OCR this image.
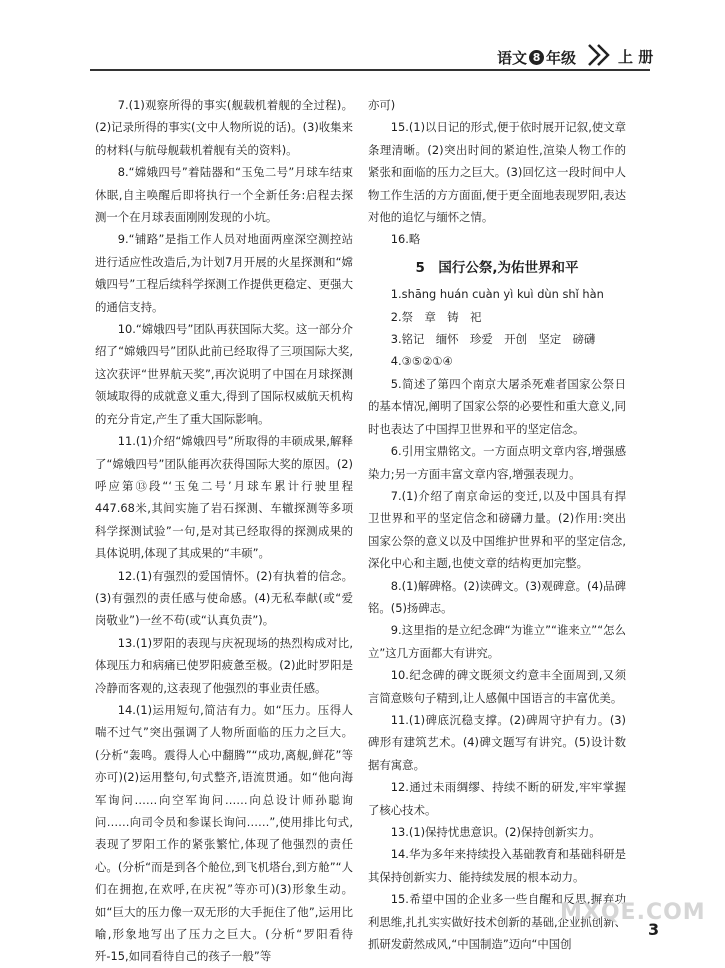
语文 8 年级	上 册

7.(1)观察所得的事实(舰载机着舰的全过程)。(2)记录所得的事实(文中人物所说的话)。(3)收集来的材料(与航母舰载机着舰有关的资料)。

8.“嫦娥四号”着陆器和“玉兔二号”月球车结束休眠,自主唤醒后即将执行一个全新任务:启程去探测一个在月球表面刚刚发现的小坑。

9.“铺路”是指工作人员对地面两座深空测控站进行适应性改造后,为计划7月开展的火星探测和“嫦娥四号”工程后续科学探测工作提供更稳定、更强大的通信支持。

10.“嫦娥四号”团队再获国际大奖。这一部分介绍了“嫦娥四号”团队此前已经取得了三项国际大奖,这次获评“世界航天奖”,再次说明了中国在月球探测领域取得的成就意义重大,得到了国际权威航天机构的充分肯定,产生了重大国际影响。

11.(1)介绍“嫦娥四号”所取得的丰硕成果,解释了“嫦娥四号”团队能再次获得国际大奖的原因。(2)呼应第⑬段“‘玉兔二号’月球车累计行驶里程447.68米,其间实施了岩石探测、车辙探测等多项科学探测试验”一句,是对其已经取得的探测成果的具体说明,体现了其成果的“丰硕”。

12.(1)有强烈的爱国情怀。(2)有执着的信念。(3)有强烈的责任感与使命感。(4)无私奉献(或“爱岗敬业”)一丝不苟(或“认真负责”)。

13.(1)罗阳的表现与庆祝现场的热烈构成对比,体现压力和病痛已使罗阳疲惫至极。(2)此时罗阳是冷静而客观的,这表现了他强烈的事业责任感。

14.(1)运用短句,简洁有力。如“压力。压得人喘不过气”突出强调了人物所面临的压力之巨大。(分析“轰鸣。震得人心中翻腾”“成功,离舰,鲜花”等亦可)(2)运用整句,句式整齐,语流贯通。如“他向海军询问……向空军询问……向总设计师孙聪询问……向司令员和参谋长询问……”,使用排比句式,表现了罗阳工作的紧张繁忙,体现了他强烈的责任心。(分析“而是到各个舱位,到飞机塔台,到方舱”“人们在拥抱,在欢呼,在庆祝”等亦可)(3)形象生动。如“巨大的压力像一双无形的大手扼住了他”,运用比喻,形象地写出了压力之巨大。(分析“罗阳看待歼-15,如同看待自己的孩子一般”等

亦可)

15.(1)以日记的形式,便于依时展开记叙,使文章条理清晰。(2)突出时间的紧迫性,渲染人物工作的紧张和面临的压力之巨大。(3)回忆这一段时间中人物工作生活的方方面面,便于更全面地表现罗阳,表达对他的追忆与缅怀之情。

16.略

5　国行公祭,为佑世界和平

1.shāng huán cuàn yì kuì dùn shǐ hàn

2.祭　章　铸　祀

3.铭记　缅怀　珍爱　开创　坚定　磅礴

4.③⑤②①④

5.简述了第四个南京大屠杀死难者国家公祭日的基本情况,阐明了国家公祭的必要性和重大意义,同时也表达了中国捍卫世界和平的坚定信念。

6.引用宝鼎铭文。一方面点明文章内容,增强感染力;另一方面丰富文章内容,增强表现力。

7.(1)介绍了南京命运的变迁,以及中国具有捍卫世界和平的坚定信念和磅礴力量。(2)作用:突出国家公祭的意义以及中国维护世界和平的坚定信念,深化中心和主题,也使文章的结构更加完整。

8.(1)解碑格。(2)读碑文。(3)观碑意。(4)品碑铭。(5)扬碑志。

9.这里指的是立纪念碑“为谁立”“谁来立”“怎么立”这几方面都大有讲究。

10.纪念碑的碑文既须文约意丰全面周到,又须言简意赅句子精到,让人感佩中国语言的丰富优美。

11.(1)碑底沉稳支撑。(2)碑周守护有力。(3)碑形有建筑艺术。(4)碑文题写有讲究。(5)设计数据有寓意。

12.通过未雨绸缪、持续不断的研发,牢牢掌握了核心技术。

13.(1)保持忧患意识。(2)保持创新实力。

14.华为多年来持续投入基础教育和基础科研是其保持创新实力、能持续发展的根本动力。

15.希望中国的企业多一些自醒和反思,摒弃功利思维,扎扎实实做好技术创新的基础,企业抓创新、抓研发蔚然成风,“中国制造”迈向“中国创

MXQE.COM
3
